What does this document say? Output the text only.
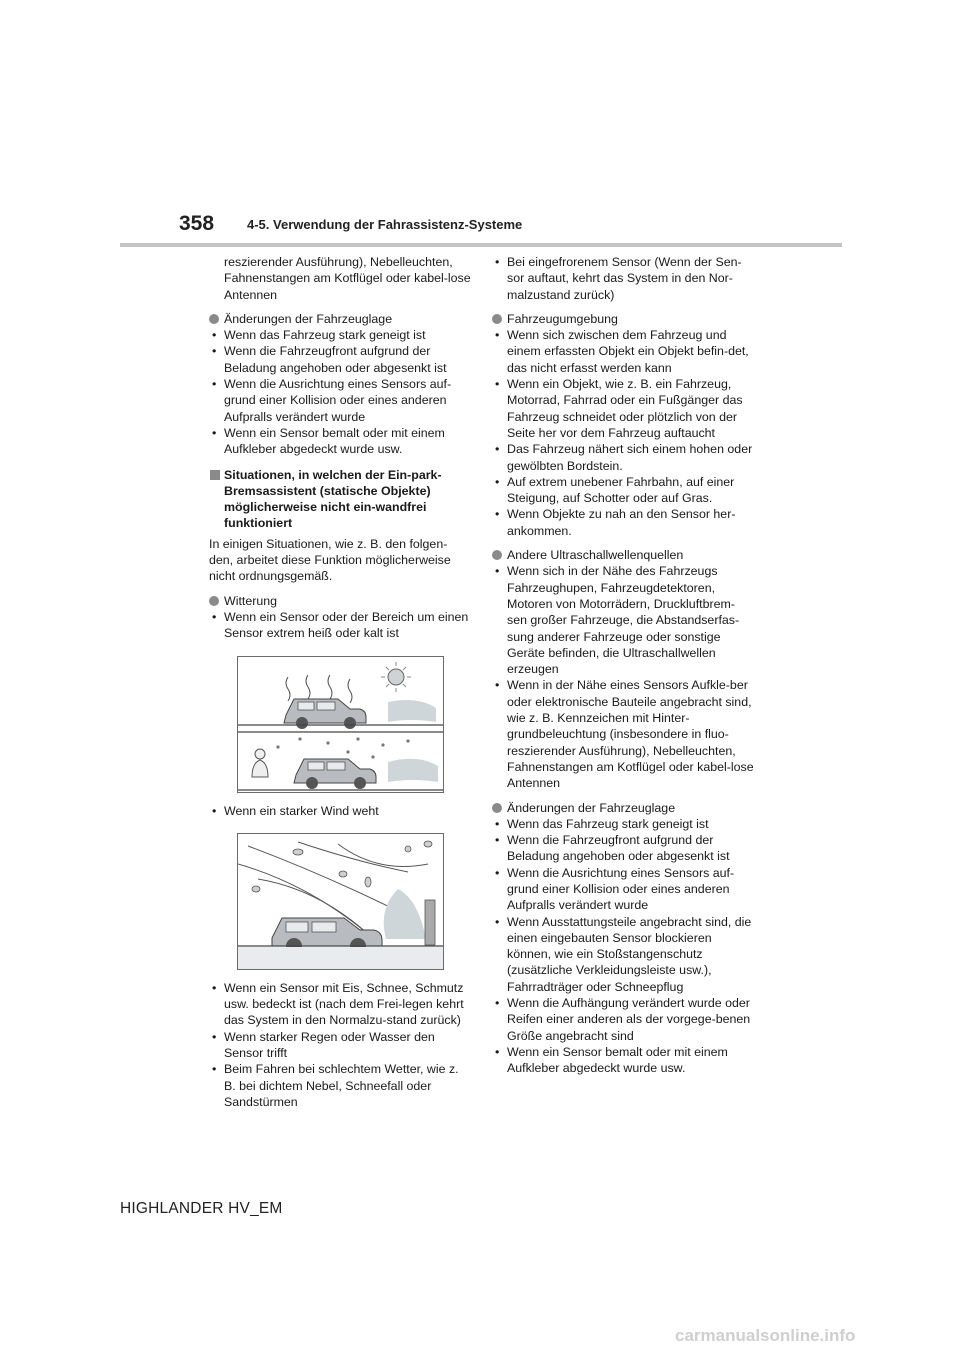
358	4-5. Verwendung der Fahrassistenz-Systeme

reszierender Ausführung), Nebelleuchten, Fahnenstangen am Kotflügel oder kabel-lose Antennen

Änderungen der Fahrzeuglage
• Wenn das Fahrzeug stark geneigt ist
• Wenn die Fahrzeugfront aufgrund der Beladung angehoben oder abgesenkt ist
• Wenn die Ausrichtung eines Sensors auf-grund einer Kollision oder eines anderen Aufpralls verändert wurde
• Wenn ein Sensor bemalt oder mit einem Aufkleber abgedeckt wurde usw.
Situationen, in welchen der Ein-park-Bremsassistent (statische Objekte) möglicherweise nicht ein-wandfrei funktioniert

In einigen Situationen, wie z. B. den folgen-den, arbeitet diese Funktion möglicherweise nicht ordnungsgemäß.

Witterung
• Wenn ein Sensor oder der Bereich um einen Sensor extrem heiß oder kalt ist
• Wenn ein starker Wind weht
• Wenn ein Sensor mit Eis, Schnee, Schmutz usw. bedeckt ist (nach dem Frei-legen kehrt das System in den Normalzu-stand zurück)
• Wenn starker Regen oder Wasser den Sensor trifft
• Beim Fahren bei schlechtem Wetter, wie z. B. bei dichtem Nebel, Schneefall oder Sandstürmen
• Bei eingefrorenem Sensor (Wenn der Sen-sor auftaut, kehrt das System in den Nor-malzustand zurück)
Fahrzeugumgebung
• Wenn sich zwischen dem Fahrzeug und einem erfassten Objekt ein Objekt befin-det, das nicht erfasst werden kann
• Wenn ein Objekt, wie z. B. ein Fahrzeug, Motorrad, Fahrrad oder ein Fußgänger das Fahrzeug schneidet oder plötzlich von der Seite her vor dem Fahrzeug auftaucht
• Das Fahrzeug nähert sich einem hohen oder gewölbten Bordstein.
• Auf extrem unebener Fahrbahn, auf einer Steigung, auf Schotter oder auf Gras.
• Wenn Objekte zu nah an den Sensor her-ankommen.
Andere Ultraschallwellenquellen
• Wenn sich in der Nähe des Fahrzeugs Fahrzeughupen, Fahrzeugdetektoren, Motoren von Motorrädern, Druckluftbrem-sen großer Fahrzeuge, die Abstandserfas-sung anderer Fahrzeuge oder sonstige Geräte befinden, die Ultraschallwellen erzeugen
• Wenn in der Nähe eines Sensors Aufkle-ber oder elektronische Bauteile angebracht sind, wie z. B. Kennzeichen mit Hinter-grundbeleuchtung (insbesondere in fluo-reszierender Ausführung), Nebelleuchten, Fahnenstangen am Kotflügel oder kabel-lose Antennen
Änderungen der Fahrzeuglage
• Wenn das Fahrzeug stark geneigt ist
• Wenn die Fahrzeugfront aufgrund der Beladung angehoben oder abgesenkt ist
• Wenn die Ausrichtung eines Sensors auf-grund einer Kollision oder eines anderen Aufpralls verändert wurde
• Wenn Ausstattungsteile angebracht sind, die einen eingebauten Sensor blockieren können, wie ein Stoßstangenschutz (zusätzliche Verkleidungsleiste usw.), Fahrradträger oder Schneepflug
• Wenn die Aufhängung verändert wurde oder Reifen einer anderen als der vorgege-benen Größe angebracht sind
• Wenn ein Sensor bemalt oder mit einem Aufkleber abgedeckt wurde usw.
HIGHLANDER HV_EM
carmanualsonline.info
